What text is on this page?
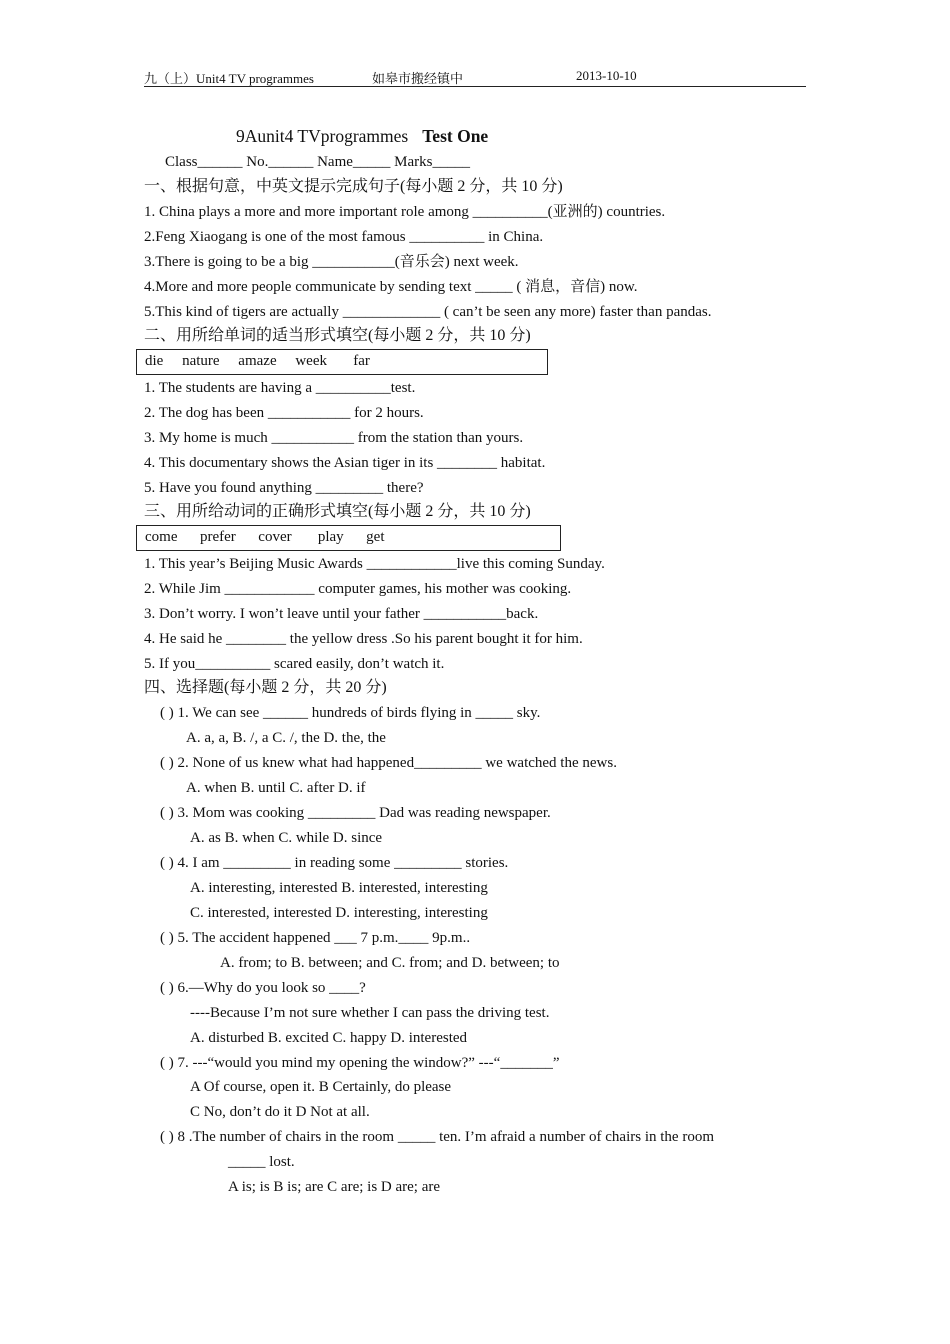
九（上）Unit4 TV programmes	如皋市搬经镇中	2013-10-10
9Aunit4 TVprogrammes Test One
Class______ No.______ Name_____ Marks_____
一、根据句意，中英文提示完成句子(每小题 2 分，共 10 分)
1. China plays a more and more important role among __________(亚洲的) countries.
2.Feng Xiaogang is one of the most famous __________ in China.
3.There is going to be a big ___________(音乐会) next week.
4.More and more people communicate by sending text _____ ( 消息，音信) now.
5.This kind of tigers are actually _____________ ( can’t be seen any more) faster than pandas.
二、用所给单词的适当形式填空(每小题 2 分，共 10 分)
die     nature     amaze     week       far
1. The students are having a __________test.
2. The dog has been ___________ for 2 hours.
3. My home is much ___________ from the station than yours.
4. This documentary shows the Asian tiger in its ________ habitat.
5. Have you found anything _________ there?
三、用所给动词的正确形式填空(每小题 2 分，共 10 分)
come      prefer      cover       play      get
1. This year’s Beijing Music Awards ____________live this coming Sunday.
2. While Jim ____________ computer games, his mother was cooking.
3. Don’t worry. I won’t leave until your father ___________back.
4. He said he ________ the yellow dress .So his parent bought it for him.
5. If you__________ scared easily, don’t watch it.
四、选择题(每小题 2 分，共 20 分)
( ) 1. We can see ______ hundreds of birds flying in _____ sky.
A. a, a, B. /, a C. /, the D. the, the
( ) 2. None of us knew what had happened_________ we watched the news.
A. when B. until C. after D. if
( ) 3. Mom was cooking _________ Dad was reading newspaper.
A. as B. when C. while D. since
( ) 4. I am _________ in reading some _________ stories.
A. interesting, interested B. interested, interesting
C. interested, interested D. interesting, interesting
( ) 5. The accident happened ___ 7 p.m.____ 9p.m..
A. from; to B. between; and C. from; and D. between; to
( ) 6.—Why do you look so ____?
----Because I’m not sure whether I can pass the driving test.
A. disturbed B. excited C. happy D. interested
( ) 7. ---“would you mind my opening the window?” ---“_______”
A Of course, open it. B Certainly, do please
C No, don’t do it D Not at all.
( ) 8 .The number of chairs in the room _____ ten. I’m afraid a number of chairs in the room
_____ lost.
A is; is B is; are C are; is D are; are
